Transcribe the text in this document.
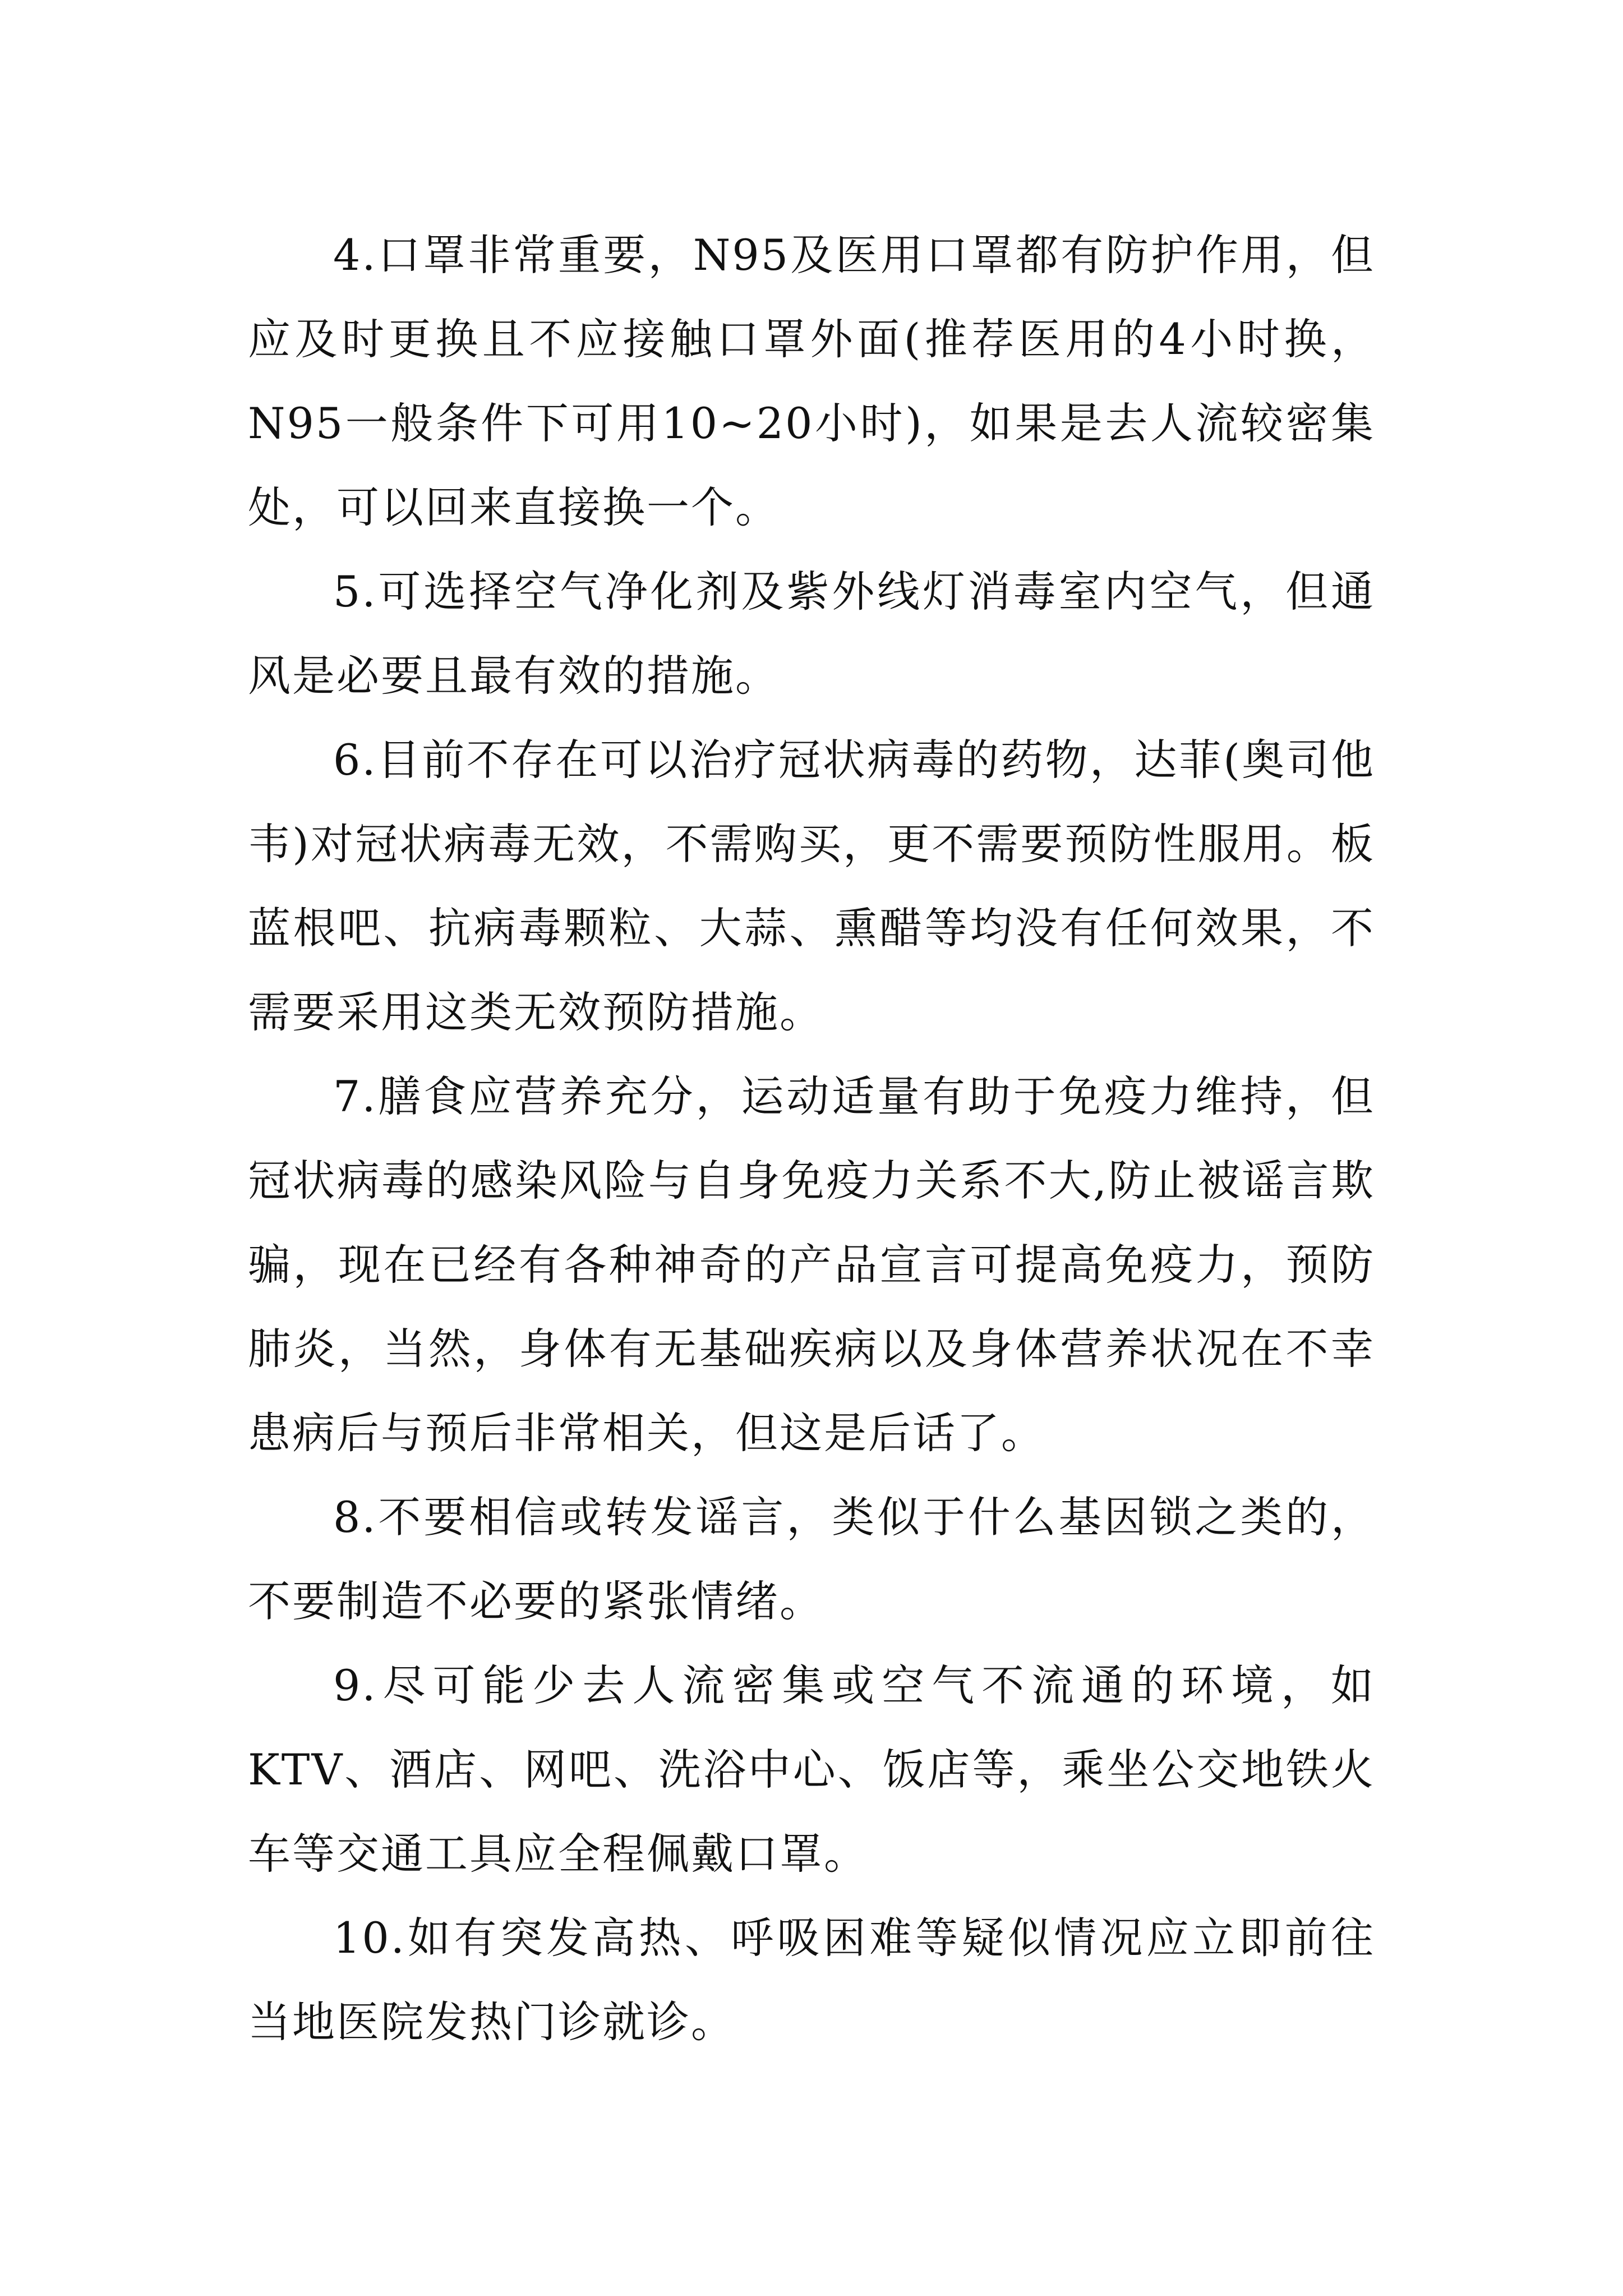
4.口罩非常重要，N95及医用口罩都有防护作用，但应及时更换且不应接触口罩外面(推荐医用的4小时换，N95一般条件下可用10~20小时)，如果是去人流较密集处，可以回来直接换一个。

5.可选择空气净化剂及紫外线灯消毒室内空气，但通风是必要且最有效的措施。

6.目前不存在可以治疗冠状病毒的药物，达菲(奥司他韦)对冠状病毒无效，不需购买，更不需要预防性服用。板蓝根吧、抗病毒颗粒、大蒜、熏醋等均没有任何效果，不需要采用这类无效预防措施。

7.膳食应营养充分，运动适量有助于免疫力维持，但冠状病毒的感染风险与自身免疫力关系不大,防止被谣言欺骗，现在已经有各种神奇的产品宣言可提高免疫力，预防肺炎，当然，身体有无基础疾病以及身体营养状况在不幸患病后与预后非常相关，但这是后话了。

8.不要相信或转发谣言，类似于什么基因锁之类的，不要制造不必要的紧张情绪。

9.尽可能少去人流密集或空气不流通的环境，如KTV、酒店、网吧、洗浴中心、饭店等，乘坐公交地铁火车等交通工具应全程佩戴口罩。

10.如有突发高热、呼吸困难等疑似情况应立即前往当地医院发热门诊就诊。
